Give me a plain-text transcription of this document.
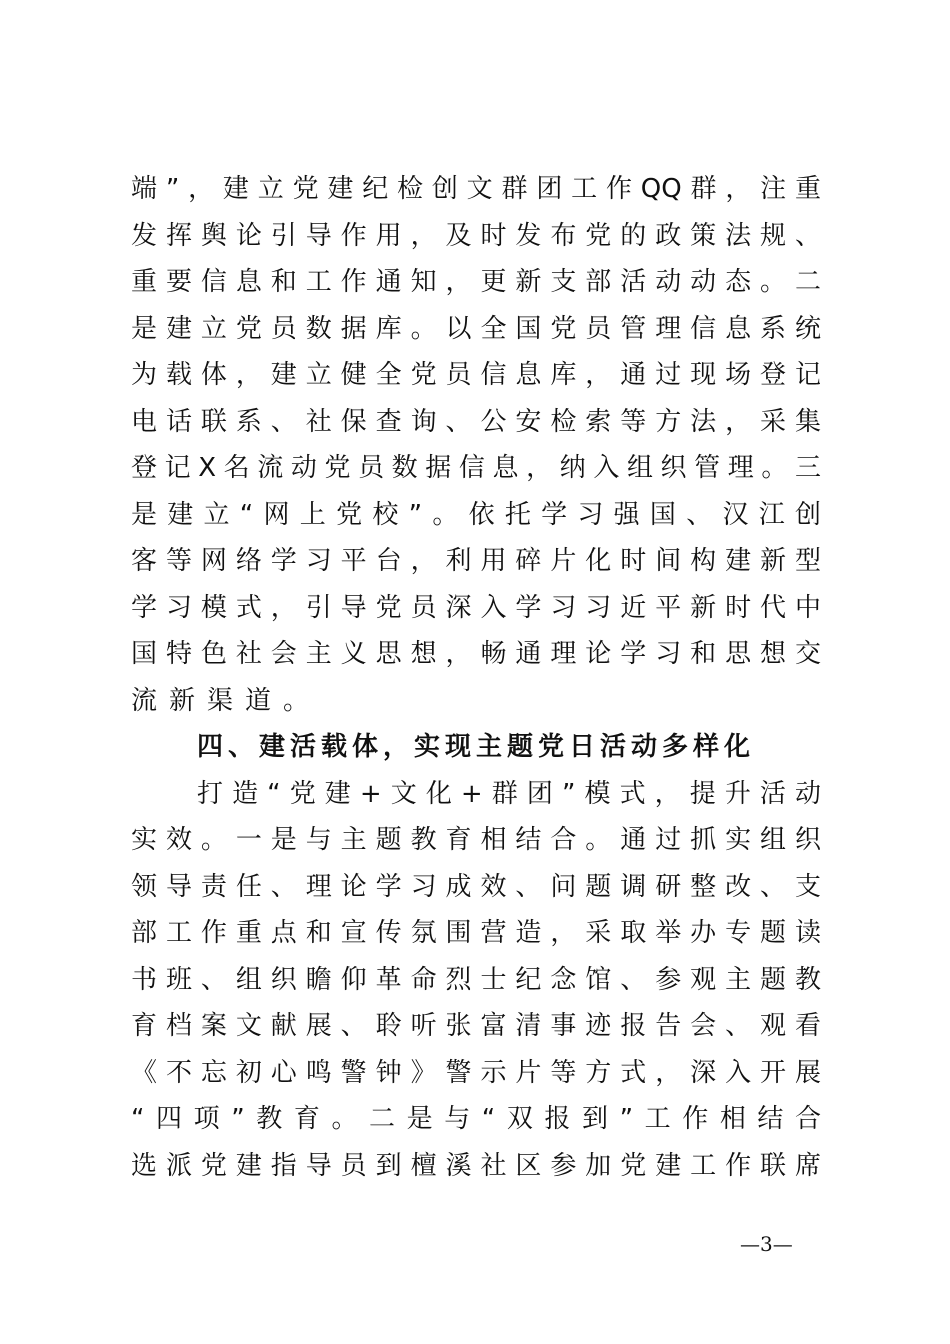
端”，建立党建纪检创文群团工作QQ群，注重
发挥舆论引导作用，及时发布党的政策法规、
重要信息和工作通知，更新支部活动动态。二
是建立党员数据库。以全国党员管理信息系统
为载体，建立健全党员信息库，通过现场登记
电话联系、社保查询、公安检索等方法，采集
登记X名流动党员数据信息，纳入组织管理。三
是建立“网上党校”。依托学习强国、汉江创
客等网络学习平台，利用碎片化时间构建新型
学习模式，引导党员深入学习习近平新时代中
国特色社会主义思想，畅通理论学习和思想交
流新渠道。
四、建活载体，实现主题党日活动多样化
打造“党建+文化+群团”模式，提升活动
实效。一是与主题教育相结合。通过抓实组织
领导责任、理论学习成效、问题调研整改、支
部工作重点和宣传氛围营造，采取举办专题读
书班、组织瞻仰革命烈士纪念馆、参观主题教
育档案文献展、聆听张富清事迹报告会、观看
《不忘初心鸣警钟》警示片等方式，深入开展
“四项”教育。二是与“双报到”工作相结合
选派党建指导员到檀溪社区参加党建工作联席
—3—
